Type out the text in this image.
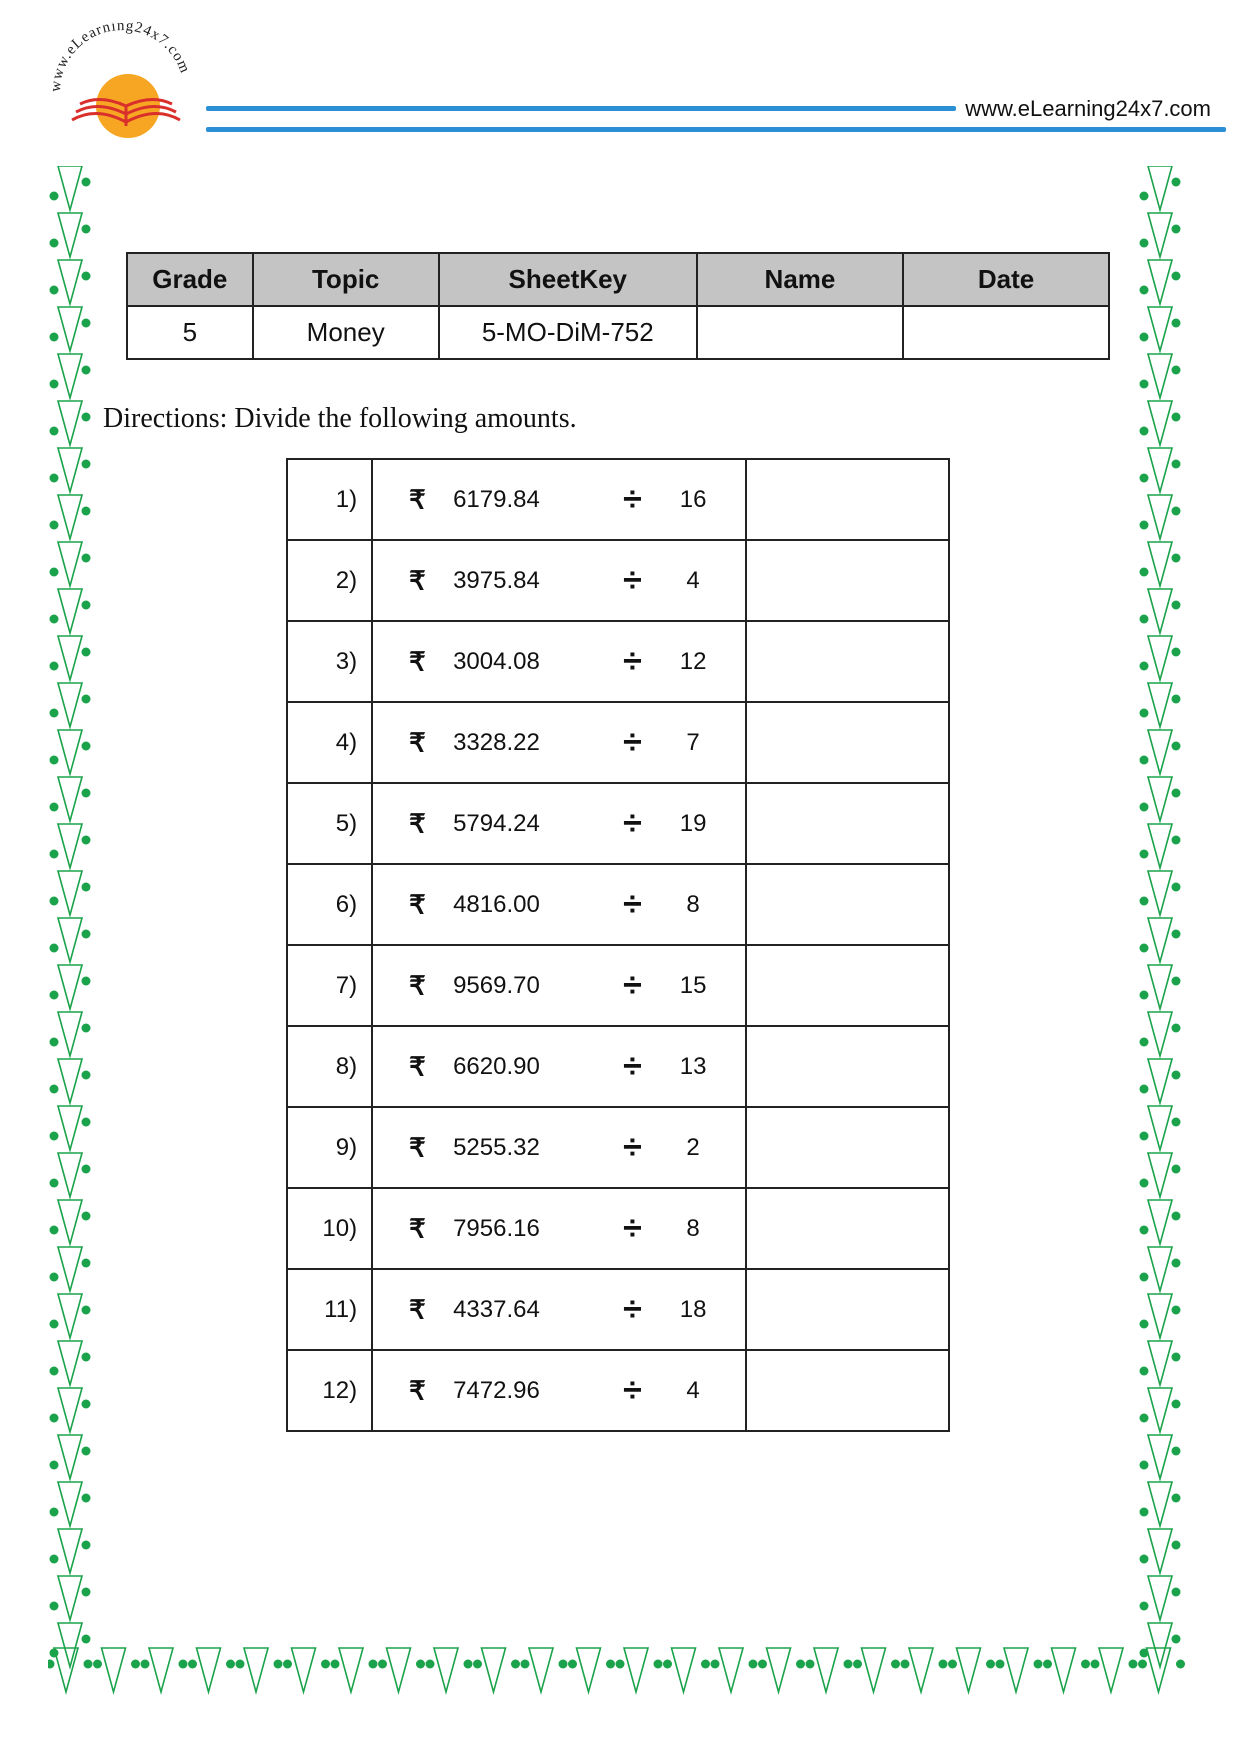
www.eLearning24x7.com
www.eLearning24x7.com
Grade	Topic	SheetKey	Name	Date
5	Money	5-MO-DiM-752		
Directions: Divide the following amounts.
1)	₹ 6179.84 ÷ 16	

2)	₹ 3975.84 ÷ 4	

3)	₹ 3004.08 ÷ 12	

4)	₹ 3328.22 ÷ 7	

5)	₹ 5794.24 ÷ 19	

6)	₹ 4816.00 ÷ 8	

7)	₹ 9569.70 ÷ 15	

8)	₹ 6620.90 ÷ 13	

9)	₹ 5255.32 ÷ 2	

10)	₹ 7956.16 ÷ 8	

11)	₹ 4337.64 ÷ 18	

12)	₹ 7472.96 ÷ 4	
